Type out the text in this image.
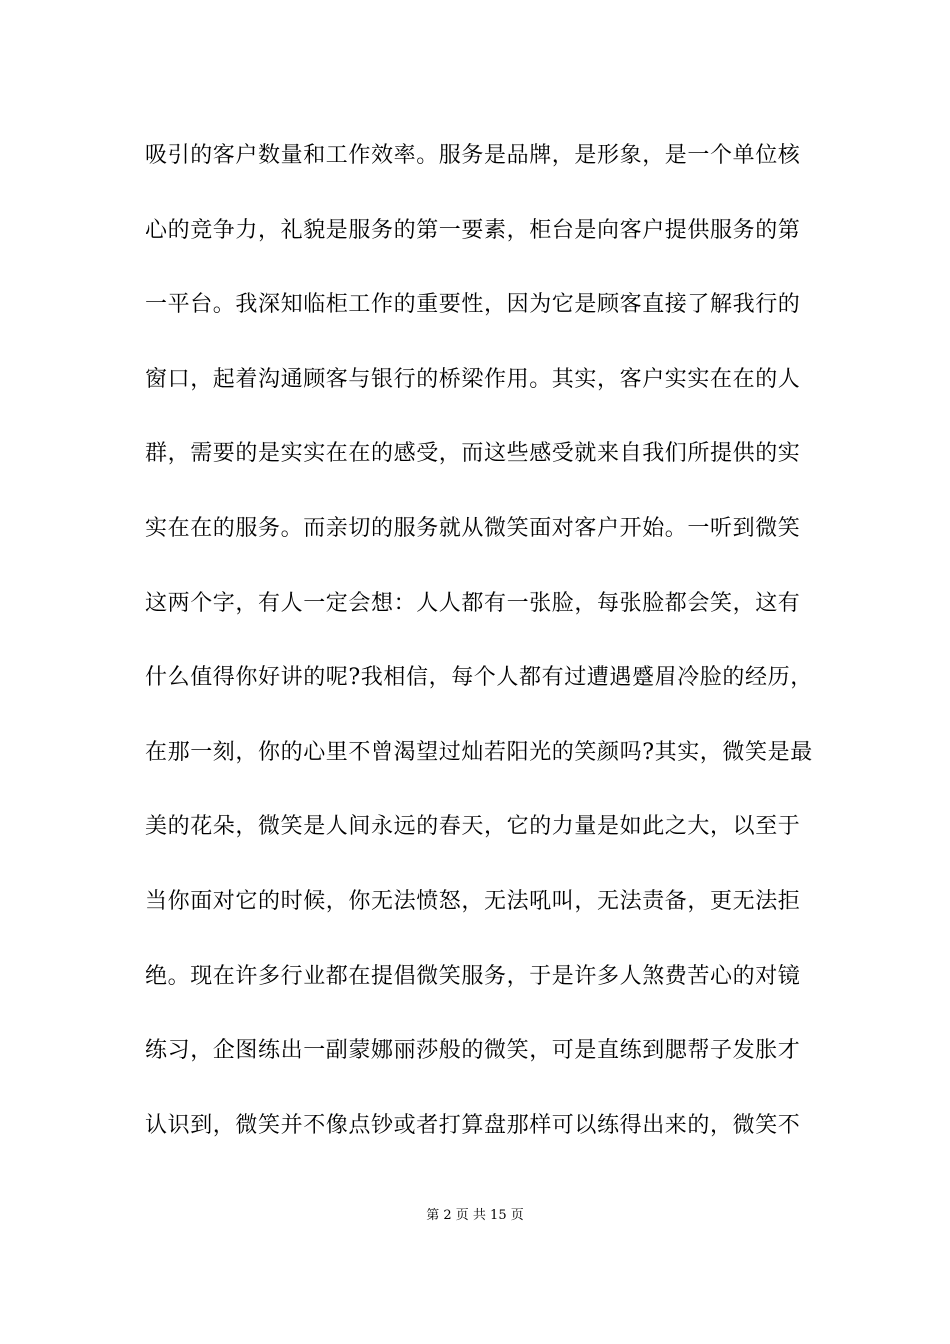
吸引的客户数量和工作效率。服务是品牌，是形象，是一个单位核
心的竞争力，礼貌是服务的第一要素，柜台是向客户提供服务的第
一平台。我深知临柜工作的重要性，因为它是顾客直接了解我行的
窗口，起着沟通顾客与银行的桥梁作用。其实，客户实实在在的人
群，需要的是实实在在的感受，而这些感受就来自我们所提供的实
实在在的服务。而亲切的服务就从微笑面对客户开始。一听到微笑
这两个字，有人一定会想：人人都有一张脸，每张脸都会笑，这有
什么值得你好讲的呢?我相信，每个人都有过遭遇蹙眉冷脸的经历，
在那一刻，你的心里不曾渴望过灿若阳光的笑颜吗?其实，微笑是最
美的花朵，微笑是人间永远的春天，它的力量是如此之大，以至于
当你面对它的时候，你无法愤怒，无法吼叫，无法责备，更无法拒
绝。现在许多行业都在提倡微笑服务，于是许多人煞费苦心的对镜
练习，企图练出一副蒙娜丽莎般的微笑，可是直练到腮帮子发胀才
认识到，微笑并不像点钞或者打算盘那样可以练得出来的，微笑不
第 2 页 共 15 页
